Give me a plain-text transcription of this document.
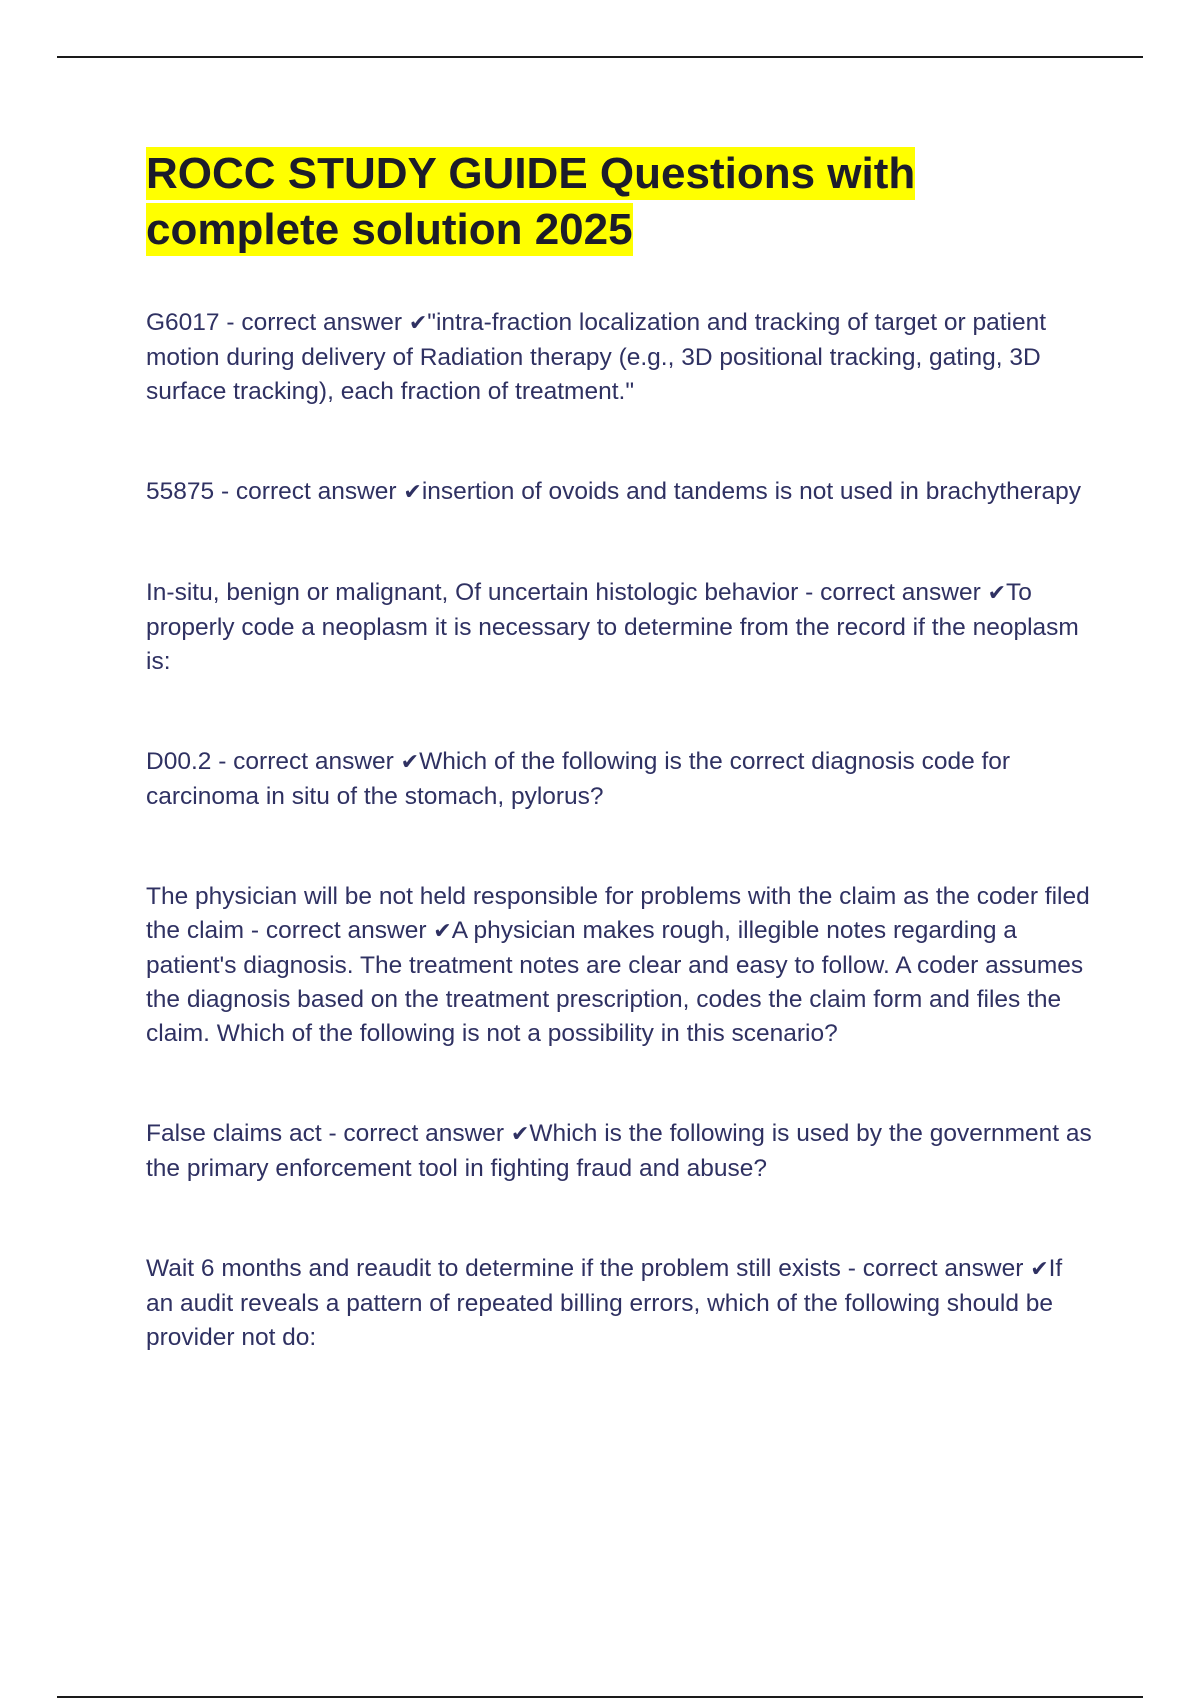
ROCC STUDY GUIDE Questions with complete solution 2025
G6017 - correct answer ✔"intra-fraction localization and tracking of target or patient motion during delivery of Radiation therapy (e.g., 3D positional tracking, gating, 3D surface tracking), each fraction of treatment."
55875 - correct answer ✔insertion of ovoids and tandems is not used in brachytherapy
In-situ, benign or malignant, Of uncertain histologic behavior - correct answer ✔To properly code a neoplasm it is necessary to determine from the record if the neoplasm is:
D00.2 - correct answer ✔Which of the following is the correct diagnosis code for carcinoma in situ of the stomach, pylorus?
The physician will be not held responsible for problems with the claim as the coder filed the claim - correct answer ✔A physician makes rough, illegible notes regarding a patient's diagnosis. The treatment notes are clear and easy to follow. A coder assumes the diagnosis based on the treatment prescription, codes the claim form and files the claim. Which of the following is not a possibility in this scenario?
False claims act - correct answer ✔Which is the following is used by the government as the primary enforcement tool in fighting fraud and abuse?
Wait 6 months and reaudit to determine if the problem still exists - correct answer ✔If an audit reveals a pattern of repeated billing errors, which of the following should be provider not do:
